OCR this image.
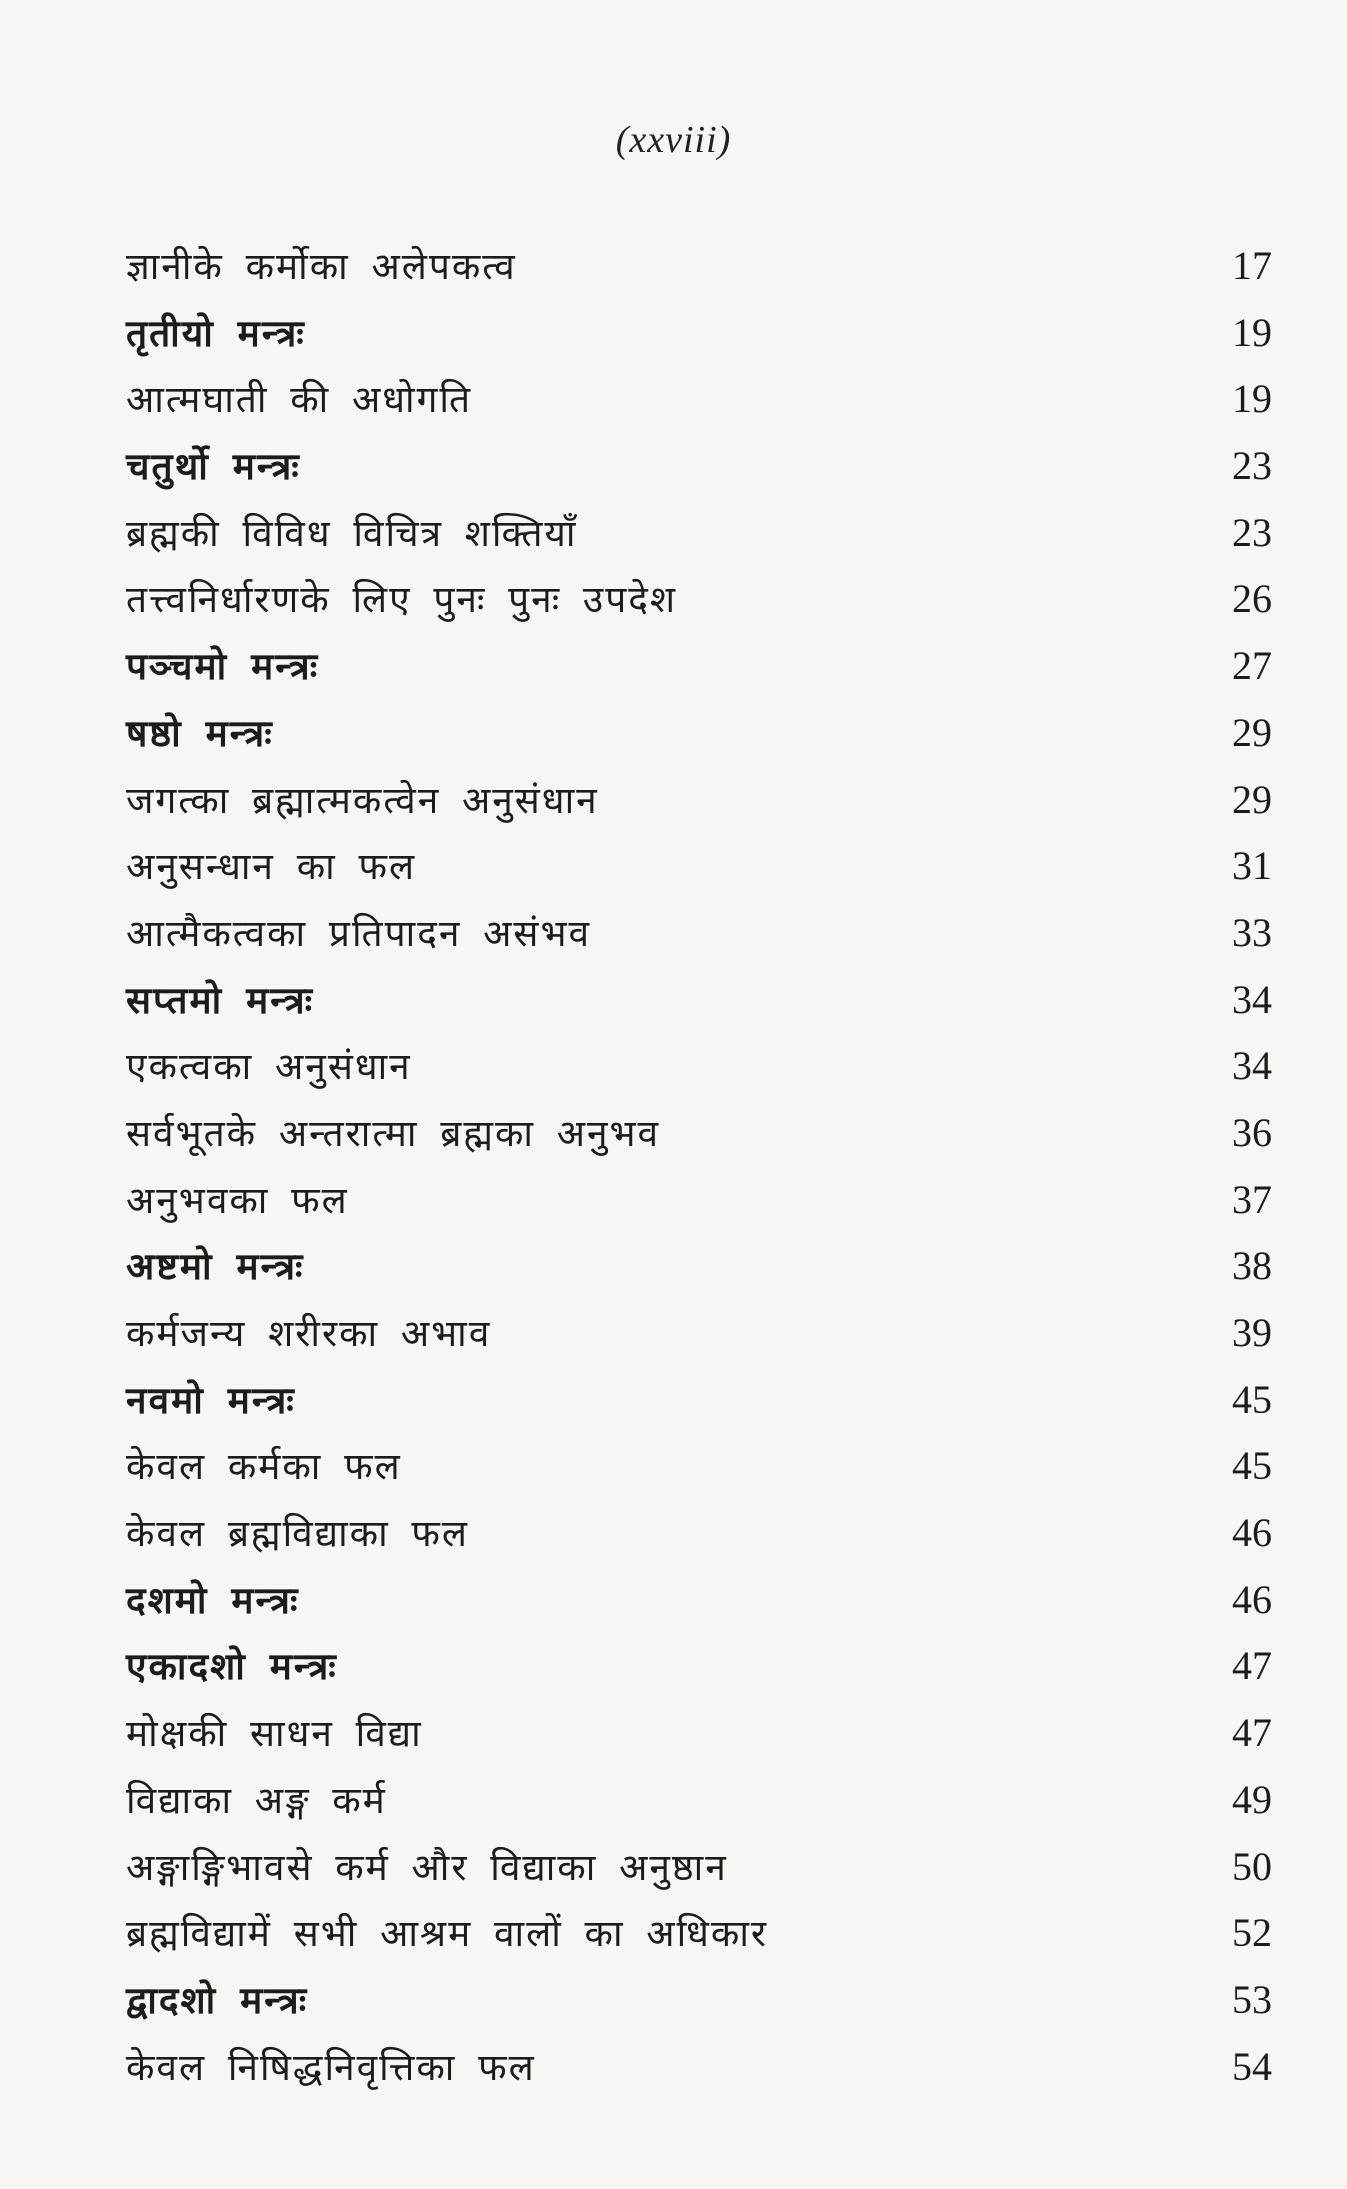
(xxviii)
ज्ञानीके कर्मोका अलेपकत्व	17
तृतीयो मन्त्रः	19
आत्मघाती की अधोगति	19
चतुर्थो मन्त्रः	23
ब्रह्मकी विविध विचित्र शक्तियाँ	23
तत्त्वनिर्धारणके लिए पुनः पुनः उपदेश	26
पञ्चमो मन्त्रः	27
षष्ठो मन्त्रः	29
जगत्का ब्रह्मात्मकत्वेन अनुसंधान	29
अनुसन्धान का फल	31
आत्मैकत्वका प्रतिपादन असंभव	33
सप्तमो मन्त्रः	34
एकत्वका अनुसंधान	34
सर्वभूतके अन्तरात्मा ब्रह्मका अनुभव	36
अनुभवका फल	37
अष्टमो मन्त्रः	38
कर्मजन्य शरीरका अभाव	39
नवमो मन्त्रः	45
केवल कर्मका फल	45
केवल ब्रह्मविद्याका फल	46
दशमो मन्त्रः	46
एकादशो मन्त्रः	47
मोक्षकी साधन विद्या	47
विद्याका अङ्ग कर्म	49
अङ्गाङ्गिभावसे कर्म और विद्याका अनुष्ठान	50
ब्रह्मविद्यामें सभी आश्रम वालों का अधिकार	52
द्वादशो मन्त्रः	53
केवल निषिद्धनिवृत्तिका फल	54
